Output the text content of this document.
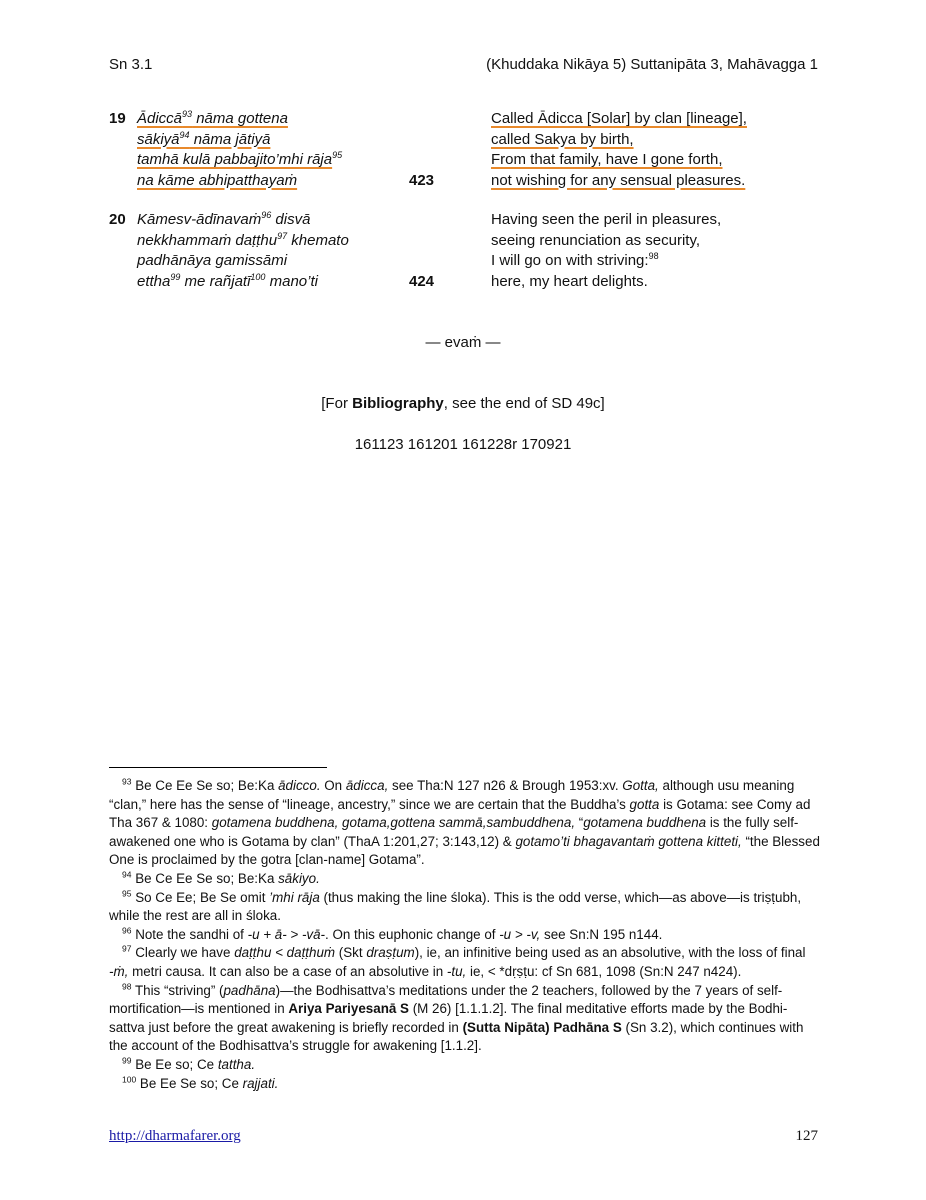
Sn 3.1	(Khuddaka Nikāya 5) Suttanipāta 3, Mahāvagga 1
19 Ādiccā$^{93}$ nāma gottena	Called Ādicca [Solar] by clan [lineage],
sākiyā$^{94}$ nāma jātiyā	called Sakya by birth,
tamhā kulā pabbajito’mhi rāja$^{95}$	From that family, have I gone forth,
na kāme abhipatthayaṁ	423	not wishing for any sensual pleasures.
20 Kāmesv-ādīnavaṁ$^{96}$ disvā	Having seen the peril in pleasures,
nekkhammaṁ daṭṭhu$^{97}$ khemato	seeing renunciation as security,
padhānāya gamissāmi	I will go on with striving:$^{98}$
ettha$^{99}$ me rañjatī$^{100}$ mano’ti	424	here, my heart delights.
— evaṁ —
[For Bibliography, see the end of SD 49c]
161123 161201 161228r 170921

$^{93}$ Be Ce Ee Se so; Be:Ka ādicco. On ādicca, see Tha:N 127 n26 & Brough 1953:xv. Gotta, although usu meaning “clan,” here has the sense of “lineage, ancestry,” since we are certain that the Buddha’s gotta is Gotama: see Comy ad Tha 367 & 1080: gotamena buddhena, gotama,gottena sammā,sambuddhena, “gotamena buddhena is the fully self-awakened one who is Gotama by clan” (ThaA 1:201,27; 3:143,12) & gotamo’ti bhagavantaṁ gottena kitteti, “the Blessed One is proclaimed by the gotra [clan-name] Gotama”.

$^{94}$ Be Ce Ee Se so; Be:Ka sākiyo.

$^{95}$ So Ce Ee; Be Se omit ’mhi rāja (thus making the line śloka). This is the odd verse, which—as above—is triṣṭubh, while the rest are all in śloka.

$^{96}$ Note the sandhi of -u + ā- > -vā-. On this euphonic change of -u > -v, see Sn:N 195 n144.

$^{97}$ Clearly we have daṭṭhu < daṭṭhuṁ (Skt draṣṭum), ie, an infinitive being used as an absolutive, with the loss of final -ṁ, metri causa. It can also be a case of an absolutive in -tu, ie, < *dṛṣṭu: cf Sn 681, 1098 (Sn:N 247 n424).

$^{98}$ This “striving” (padhāna)—the Bodhisattva’s meditations under the 2 teachers, followed by the 7 years of self-mortification—is mentioned in Ariya Pariyesanā S (M 26) [1.1.1.2]. The final meditative efforts made by the Bodhi-sattva just before the great awakening is briefly recorded in (Sutta Nipāta) Padhāna S (Sn 3.2), which continues with the account of the Bodhisattva’s struggle for awakening [1.1.2].

$^{99}$ Be Ee so; Ce tattha.

$^{100}$ Be Ee Se so; Ce rajjati.

http://dharmafarer.org	127
